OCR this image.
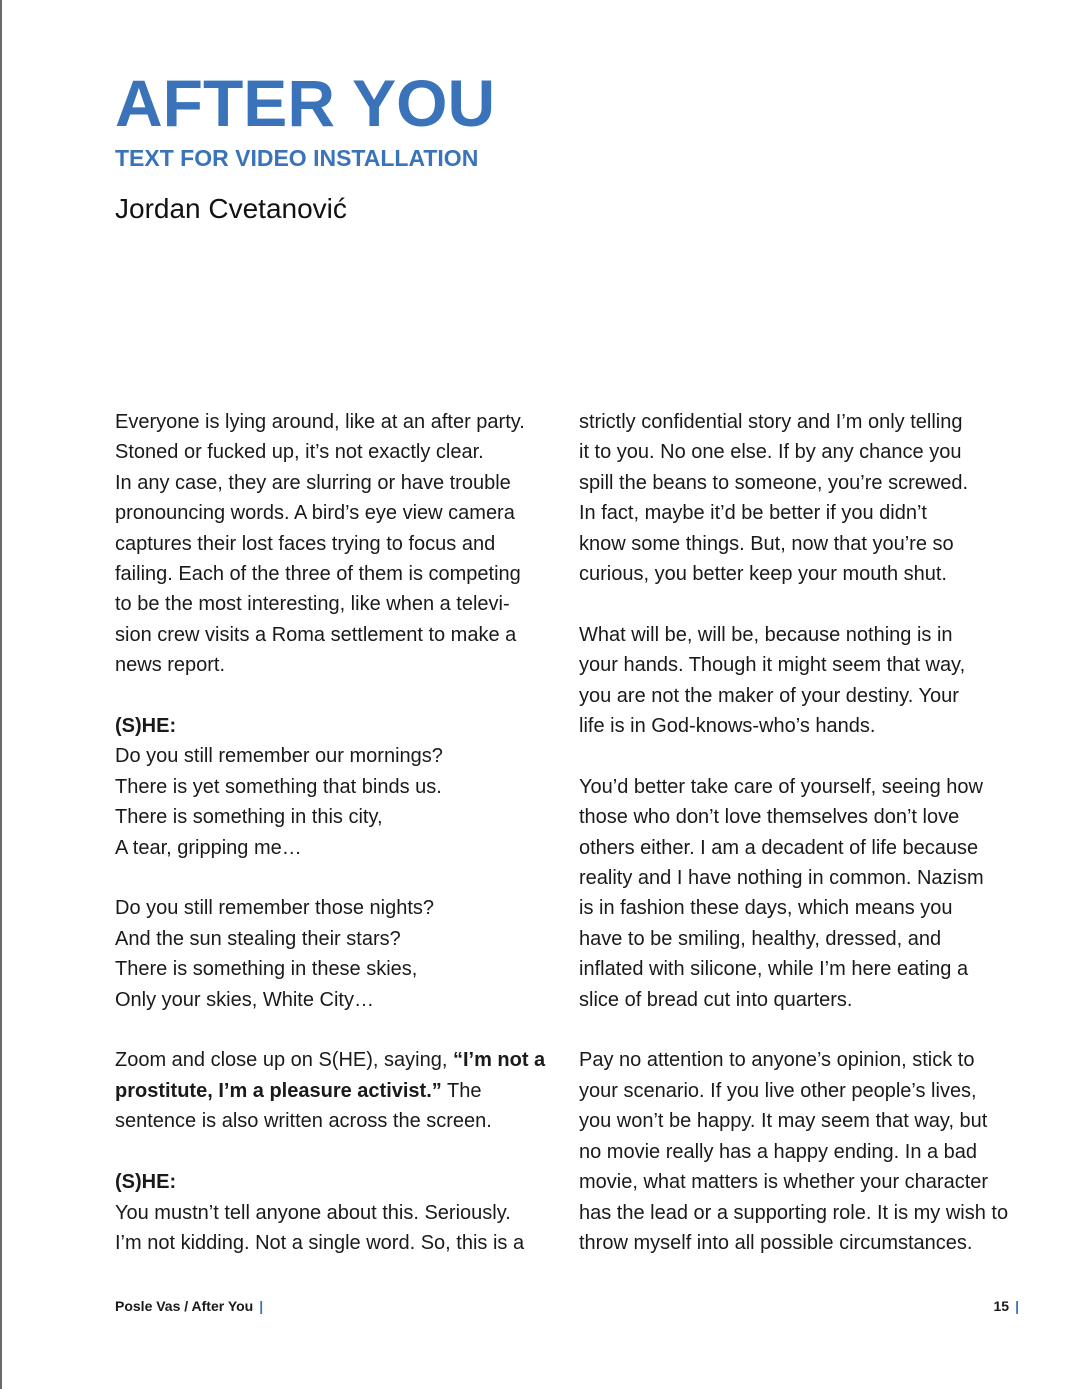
AFTER YOU
TEXT FOR VIDEO INSTALLATION
Jordan Cvetanović

Everyone is lying around, like at an after party.
Stoned or fucked up, it’s not exactly clear.
In any case, they are slurring or have trouble
pronouncing words. A bird’s eye view camera
captures their lost faces trying to focus and
failing. Each of the three of them is competing
to be the most interesting, like when a televi-
sion crew visits a Roma settlement to make a
news report.

(S)HE:
Do you still remember our mornings?
There is yet something that binds us.
There is something in this city,
A tear, gripping me…

Do you still remember those nights?
And the sun stealing their stars?
There is something in these skies,
Only your skies, White City…

Zoom and close up on S(HE), saying, “I’m not a prostitute, I’m a pleasure activist.” The sentence is also written across the screen.

(S)HE:
You mustn’t tell anyone about this. Seriously.
I’m not kidding. Not a single word. So, this is a

strictly confidential story and I’m only telling
it to you. No one else. If by any chance you
spill the beans to someone, you’re screwed.
In fact, maybe it’d be better if you didn’t
know some things. But, now that you’re so
curious, you better keep your mouth shut.

What will be, will be, because nothing is in
your hands. Though it might seem that way,
you are not the maker of your destiny. Your
life is in God-knows-who’s hands.

You’d better take care of yourself, seeing how
those who don’t love themselves don’t love
others either. I am a decadent of life because
reality and I have nothing in common. Nazism
is in fashion these days, which means you
have to be smiling, healthy, dressed, and
inflated with silicone, while I’m here eating a
slice of bread cut into quarters.

Pay no attention to anyone’s opinion, stick to
your scenario. If you live other people’s lives,
you won’t be happy. It may seem that way, but
no movie really has a happy ending. In a bad
movie, what matters is whether your character
has the lead or a supporting role. It is my wish to
throw myself into all possible circumstances.

Posle Vas / After You |	15 |
